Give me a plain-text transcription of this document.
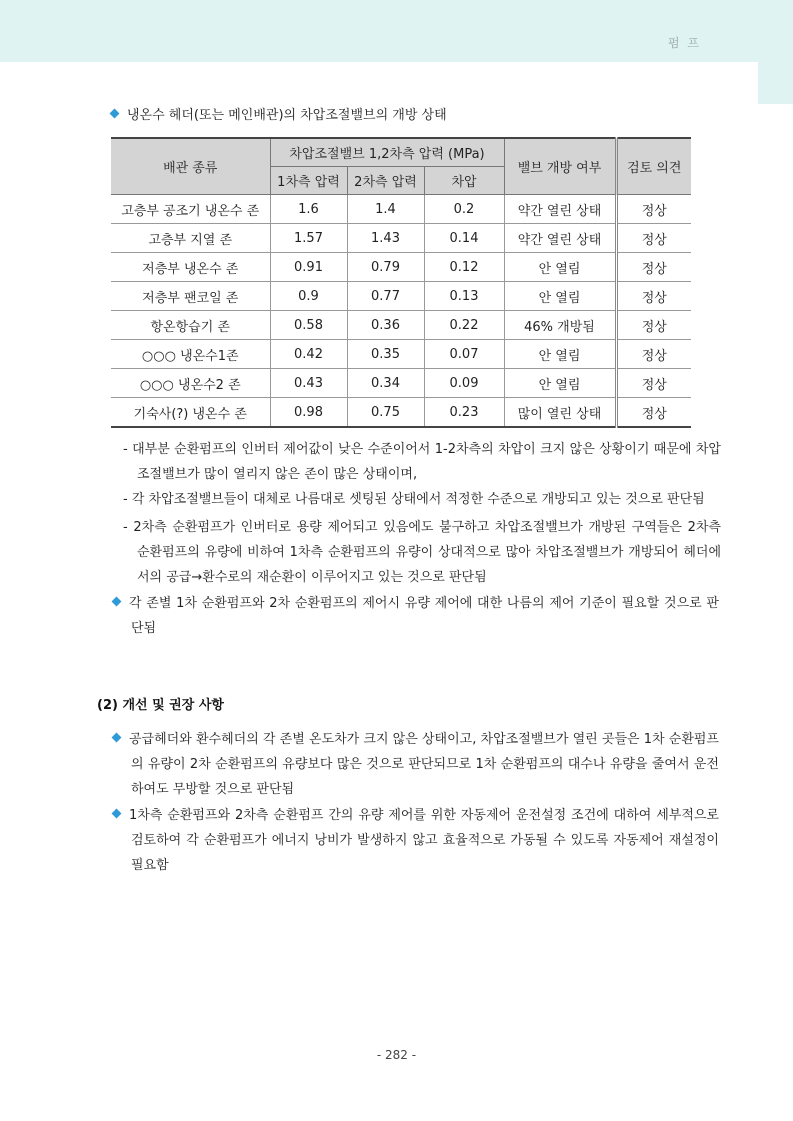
펌 프
냉온수 헤더(또는 메인배관)의 차압조절밸브의 개방 상태
배관 종류	차압조절밸브 1,2차측 압력 (MPa)			밸브 개방 여부	검토 의견
	1차측 압력	2차측 압력	차압		
고층부 공조기 냉온수 존	1.6	1.4	0.2	약간 열린 상태	정상
고층부 지열 존	1.57	1.43	0.14	약간 열린 상태	정상
저층부 냉온수 존	0.91	0.79	0.12	안 열림	정상
저층부 팬코일 존	0.9	0.77	0.13	안 열림	정상
항온항습기 존	0.58	0.36	0.22	46% 개방됨	정상
○○○ 냉온수1존	0.42	0.35	0.07	안 열림	정상
○○○ 냉온수2 존	0.43	0.34	0.09	안 열림	정상
기숙사(?) 냉온수 존	0.98	0.75	0.23	많이 열린 상태	정상
- 대부분 순환펌프의 인버터 제어값이 낮은 수준이어서 1-2차측의 차압이 크지 않은 상황이기 때문에 차압조절밸브가 많이 열리지 않은 존이 많은 상태이며,
- 각 차압조절밸브들이 대체로 나름대로 셋팅된 상태에서 적정한 수준으로 개방되고 있는 것으로 판단됨
- 2차측 순환펌프가 인버터로 용량 제어되고 있음에도 불구하고 차압조절밸브가 개방된 구역들은 2차측 순환펌프의 유량에 비하여 1차측 순환펌프의 유량이 상대적으로 많아 차압조절밸브가 개방되어 헤더에서의 공급→환수로의 재순환이 이루어지고 있는 것으로 판단됨
각 존별 1차 순환펌프와 2차 순환펌프의 제어시 유량 제어에 대한 나름의 제어 기준이 필요할 것으로 판단됨
(2) 개선 및 권장 사항
공급헤더와 환수헤더의 각 존별 온도차가 크지 않은 상태이고, 차압조절밸브가 열린 곳들은 1차 순환펌프의 유량이 2차 순환펌프의 유량보다 많은 것으로 판단되므로 1차 순환펌프의 대수나 유량을 줄여서 운전하여도 무방할 것으로 판단됨
1차측 순환펌프와 2차측 순환펌프 간의 유량 제어를 위한 자동제어 운전설정 조건에 대하여 세부적으로 검토하여 각 순환펌프가 에너지 낭비가 발생하지 않고 효율적으로 가동될 수 있도록 자동제어 재설정이 필요함
- 282 -
